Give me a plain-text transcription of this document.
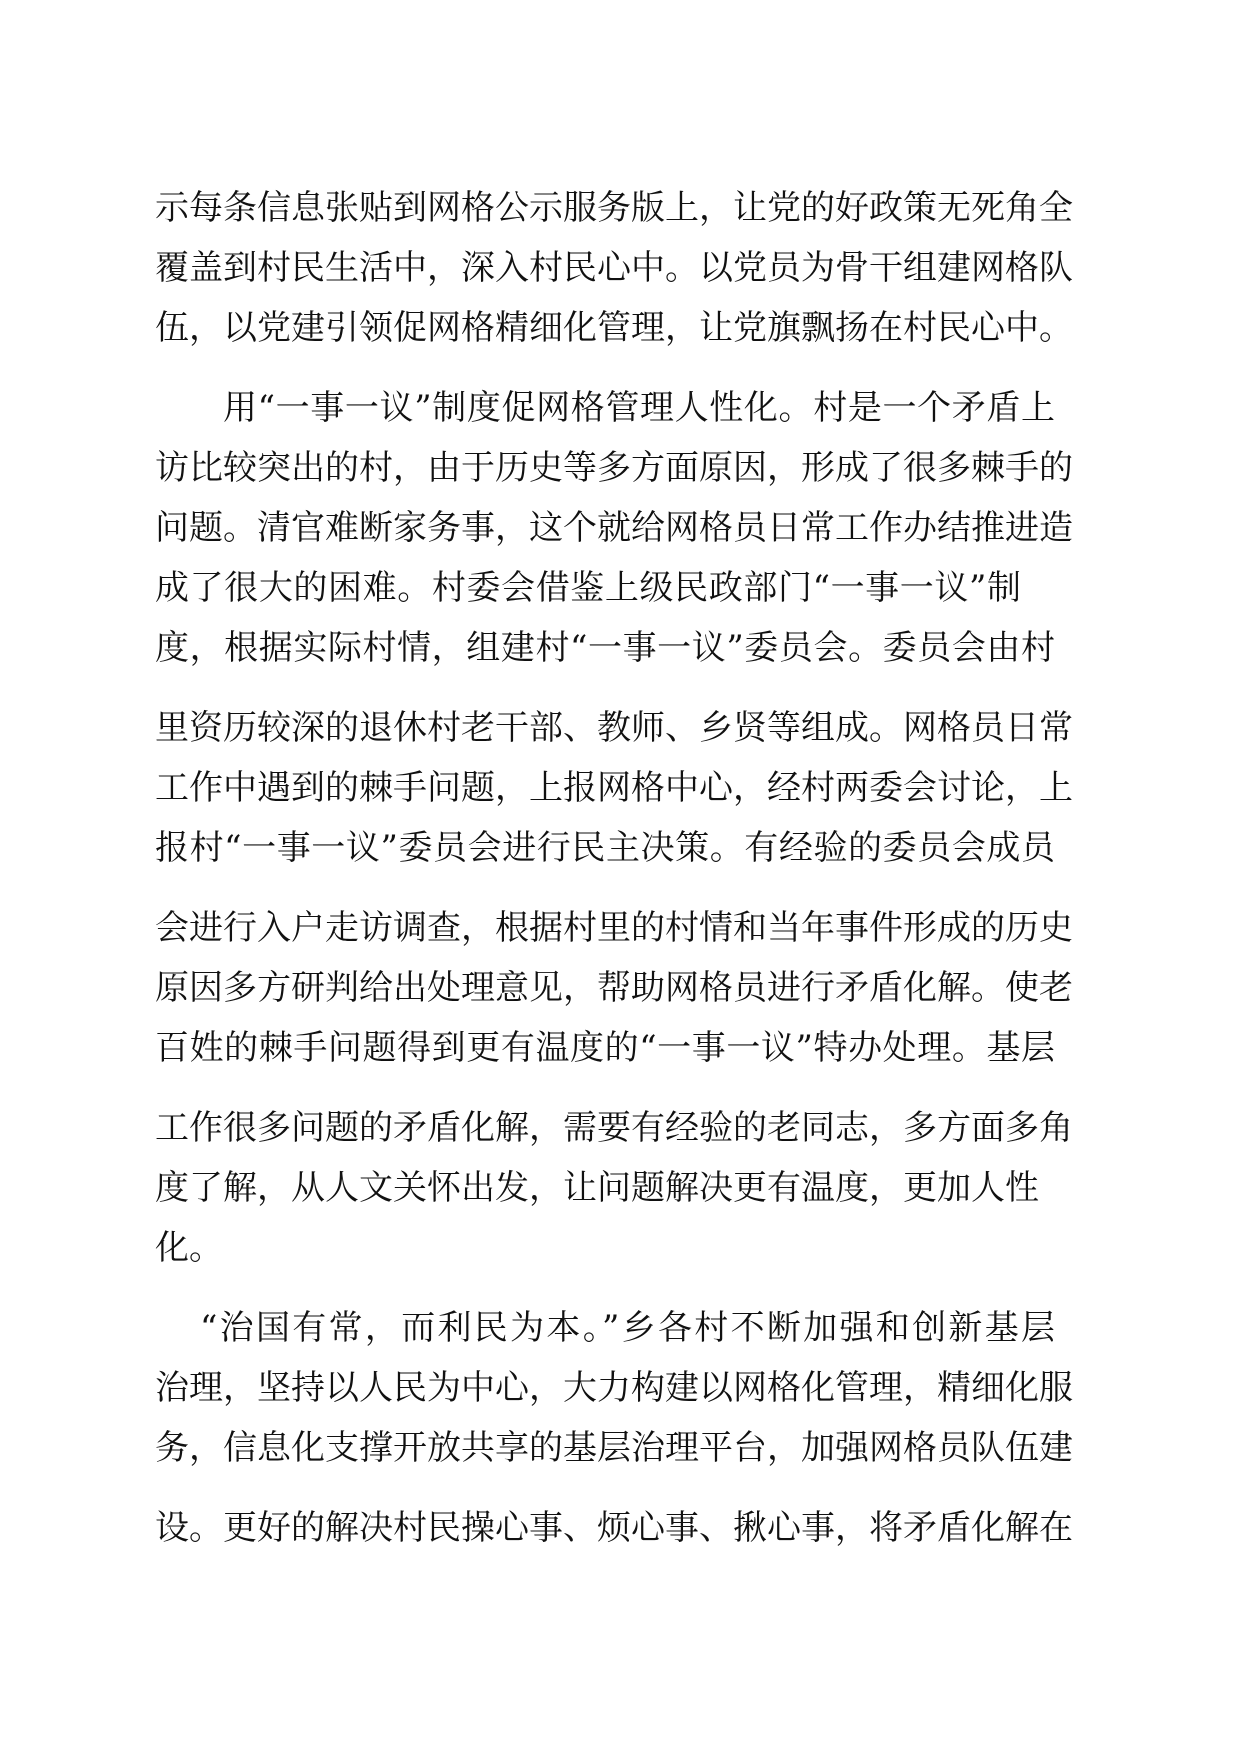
示每条信息张贴到网格公示服务版上，让党的好政策无死角全

覆盖到村民生活中，深入村民心中。以党员为骨干组建网格队

伍，以党建引领促网格精细化管理，让党旗飘扬在村民心中。

用“一事一议”制度促网格管理人性化。村是一个矛盾上

访比较突出的村，由于历史等多方面原因，形成了很多棘手的

问题。清官难断家务事，这个就给网格员日常工作办结推进造

成了很大的困难。村委会借鉴上级民政部门“一事一议”制

度，根据实际村情，组建村“一事一议”委员会。委员会由村

里资历较深的退休村老干部、教师、乡贤等组成。网格员日常

工作中遇到的棘手问题，上报网格中心，经村两委会讨论，上

报村“一事一议”委员会进行民主决策。有经验的委员会成员

会进行入户走访调查，根据村里的村情和当年事件形成的历史

原因多方研判给出处理意见，帮助网格员进行矛盾化解。使老

百姓的棘手问题得到更有温度的“一事一议”特办处理。基层

工作很多问题的矛盾化解，需要有经验的老同志，多方面多角

度了解，从人文关怀出发，让问题解决更有温度，更加人性

化。

“治国有常，而利民为本。”乡各村不断加强和创新基层

治理，坚持以人民为中心，大力构建以网格化管理，精细化服

务，信息化支撑开放共享的基层治理平台，加强网格员队伍建

设。更好的解决村民操心事、烦心事、揪心事，将矛盾化解在
